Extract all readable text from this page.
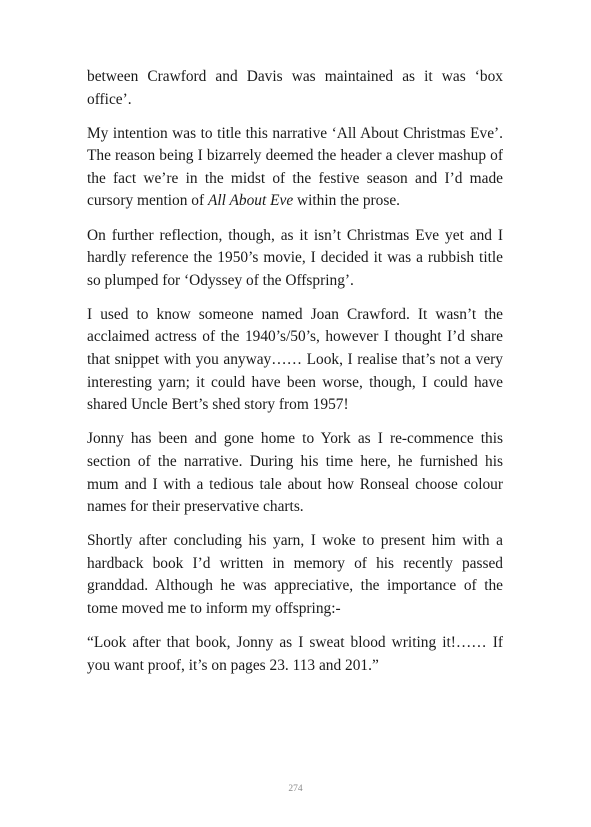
between Crawford and Davis was maintained as it was ‘box office’.

My intention was to title this narrative ‘All About Christmas Eve’. The reason being I bizarrely deemed the header a clever mashup of the fact we’re in the midst of the festive season and I’d made cursory mention of All About Eve within the prose.

On further reflection, though, as it isn’t Christmas Eve yet and I hardly reference the 1950’s movie, I decided it was a rubbish title so plumped for ‘Odyssey of the Offspring’.

I used to know someone named Joan Crawford. It wasn’t the acclaimed actress of the 1940’s/50’s, however I thought I’d share that snippet with you anyway…… Look, I realise that’s not a very interesting yarn; it could have been worse, though, I could have shared Uncle Bert’s shed story from 1957!

Jonny has been and gone home to York as I re-commence this section of the narrative. During his time here, he furnished his mum and I with a tedious tale about how Ronseal choose colour names for their preservative charts.

Shortly after concluding his yarn, I woke to present him with a hardback book I’d written in memory of his recently passed granddad. Although he was appreciative, the importance of the tome moved me to inform my offspring:-

“Look after that book, Jonny as I sweat blood writing it!…… If you want proof, it’s on pages 23. 113 and 201.”

274
